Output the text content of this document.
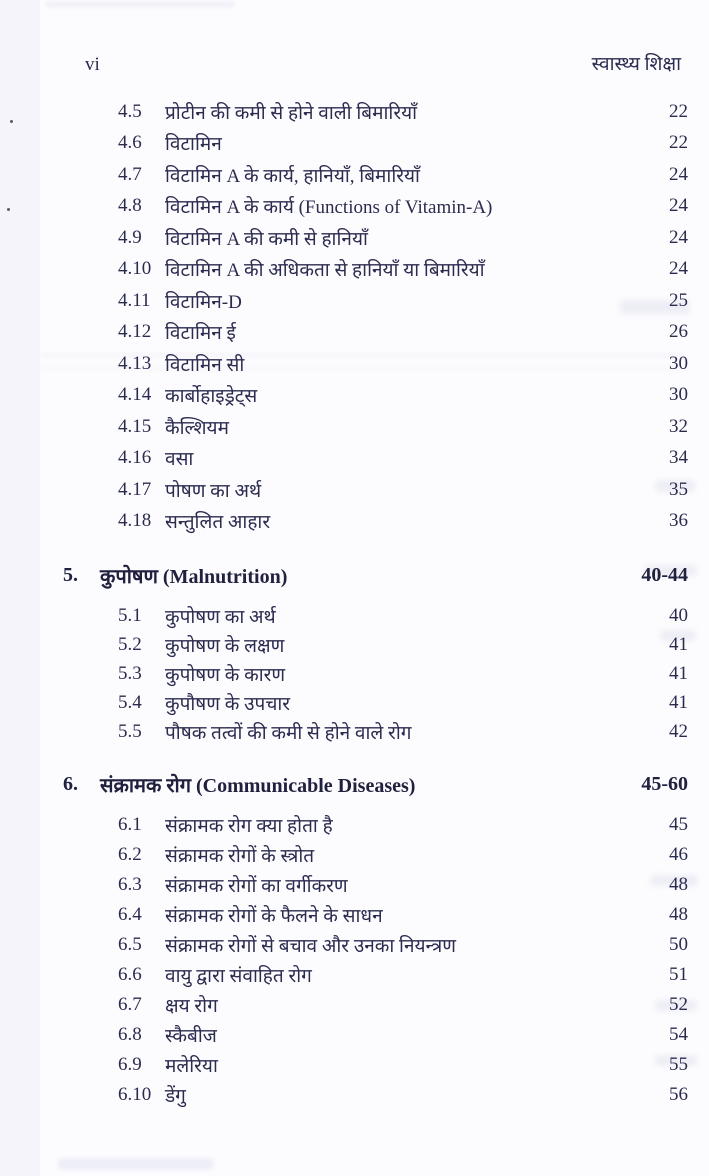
vi	स्वास्थ्य शिक्षा
4.5	प्रोटीन की कमी से होने वाली बिमारियाँ	22
4.6	विटामिन	22
4.7	विटामिन A के कार्य, हानियाँ, बिमारियाँ	24
4.8	विटामिन A के कार्य (Functions of Vitamin-A)	24
4.9	विटामिन A की कमी से हानियाँ	24
4.10 विटामिन A की अधिकता से हानियाँ या बिमारियाँ	24
4.11 विटामिन-D	25
4.12 विटामिन ई	26
4.13 विटामिन सी	30
4.14 कार्बोहाइड्रेट्स	30
4.15 कैल्शियम	32
4.16 वसा	34
4.17 पोषण का अर्थ	35
4.18 सन्तुलित आहार	36
5.	कुपोषण (Malnutrition)	40-44
5.1	कुपोषण का अर्थ	40
5.2	कुपोषण के लक्षण	41
5.3	कुपोषण के कारण	41
5.4	कुपौषण के उपचार	41
5.5	पौषक तत्वों की कमी से होने वाले रोग	42
6.	संक्रामक रोग (Communicable Diseases)	45-60
6.1	संक्रामक रोग क्या होता है	45
6.2	संक्रामक रोगों के स्त्रोत	46
6.3	संक्रामक रोगों का वर्गीकरण	48
6.4	संक्रामक रोगों के फैलने के साधन	48
6.5	संक्रामक रोगों से बचाव और उनका नियन्त्रण	50
6.6	वायु द्वारा संवाहित रोग	51
6.7	क्षय रोग	52
6.8	स्कैबीज	54
6.9	मलेरिया	55
6.10 डेंगु	56
